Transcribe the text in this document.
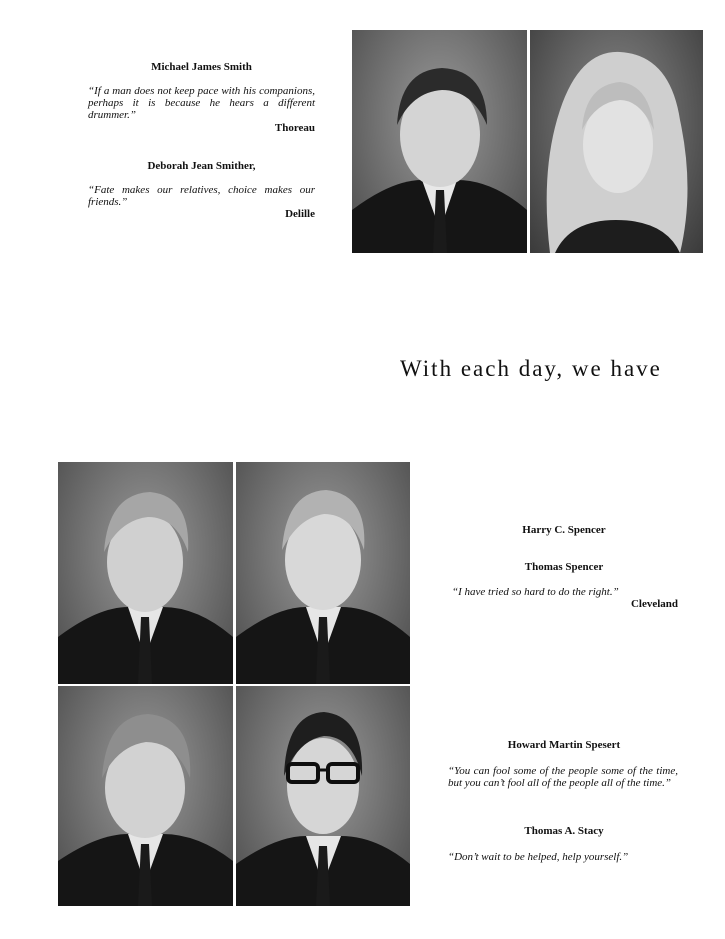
Michael James Smith
“If a man does not keep pace with his companions, perhaps it is because he hears a different drummer.”
Thoreau
Deborah Jean Smither,
“Fate makes our relatives, choice makes our friends.”
Delille
With each day, we have
Harry C. Spencer
Thomas Spencer
“I have tried so hard to do the right.”
Cleveland
Howard Martin Spesert
“You can fool some of the people some of the time, but you can’t fool all of the people all of the time.”
Thomas A. Stacy
“Don’t wait to be helped, help yourself.”
